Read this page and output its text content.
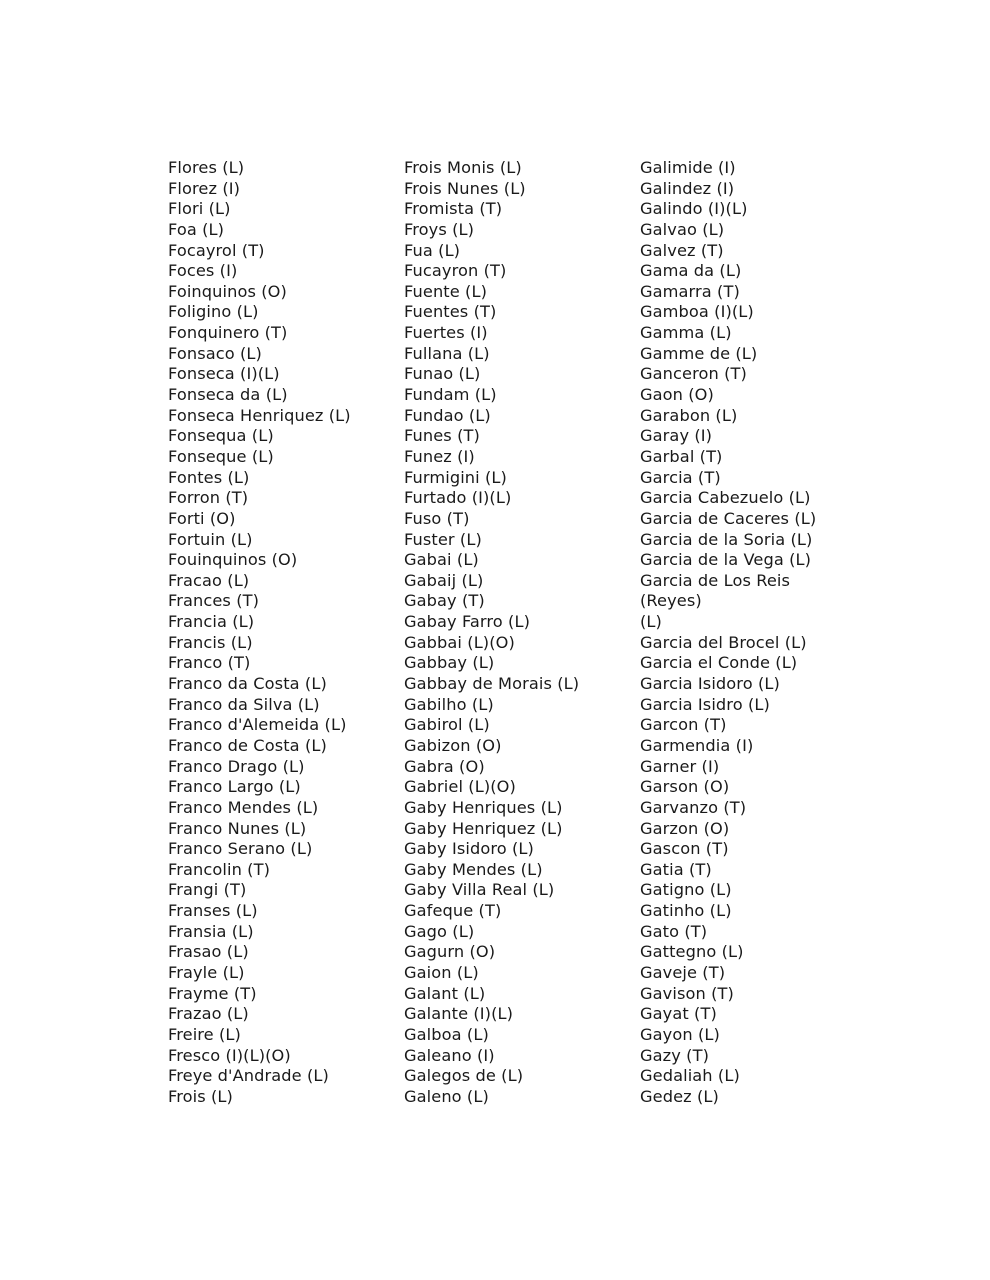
Flores (L)
Florez (I)
Flori (L)
Foa (L)
Focayrol (T)
Foces (I)
Foinquinos (O)
Foligino (L)
Fonquinero (T)
Fonsaco (L)
Fonseca (I)(L)
Fonseca da (L)
Fonseca Henriquez (L)
Fonsequa (L)
Fonseque (L)
Fontes (L)
Forron (T)
Forti (O)
Fortuin (L)
Fouinquinos (O)
Fracao (L)
Frances (T)
Francia (L)
Francis (L)
Franco (T)
Franco da Costa (L)
Franco da Silva (L)
Franco d'Alemeida (L)
Franco de Costa (L)
Franco Drago (L)
Franco Largo (L)
Franco Mendes (L)
Franco Nunes (L)
Franco Serano (L)
Francolin (T)
Frangi (T)
Franses (L)
Fransia (L)
Frasao (L)
Frayle (L)
Frayme (T)
Frazao (L)
Freire (L)
Fresco (I)(L)(O)
Freye d'Andrade (L)
Frois (L)
Frois Monis (L)
Frois Nunes (L)
Fromista (T)
Froys (L)
Fua (L)
Fucayron (T)
Fuente (L)
Fuentes (T)
Fuertes (I)
Fullana (L)
Funao (L)
Fundam (L)
Fundao (L)
Funes (T)
Funez (I)
Furmigini (L)
Furtado (I)(L)
Fuso (T)
Fuster (L)
Gabai (L)
Gabaij (L)
Gabay (T)
Gabay Farro (L)
Gabbai (L)(O)
Gabbay (L)
Gabbay de Morais (L)
Gabilho (L)
Gabirol (L)
Gabizon (O)
Gabra (O)
Gabriel (L)(O)
Gaby Henriques (L)
Gaby Henriquez (L)
Gaby Isidoro (L)
Gaby Mendes (L)
Gaby Villa Real (L)
Gafeque (T)
Gago (L)
Gagurn (O)
Gaion (L)
Galant (L)
Galante (I)(L)
Galboa (L)
Galeano (I)
Galegos de (L)
Galeno (L)
Galimide (I)
Galindez (I)
Galindo (I)(L)
Galvao (L)
Galvez (T)
Gama da (L)
Gamarra (T)
Gamboa (I)(L)
Gamma (L)
Gamme de (L)
Ganceron (T)
Gaon (O)
Garabon (L)
Garay (I)
Garbal (T)
Garcia (T)
Garcia Cabezuelo (L)
Garcia de Caceres (L)
Garcia de la Soria (L)
Garcia de la Vega (L)
Garcia de Los Reis
(Reyes)
(L)
Garcia del Brocel (L)
Garcia el Conde (L)
Garcia Isidoro (L)
Garcia Isidro (L)
Garcon (T)
Garmendia (I)
Garner (I)
Garson (O)
Garvanzo (T)
Garzon (O)
Gascon (T)
Gatia (T)
Gatigno (L)
Gatinho (L)
Gato (T)
Gattegno (L)
Gaveje (T)
Gavison (T)
Gayat (T)
Gayon (L)
Gazy (T)
Gedaliah (L)
Gedez (L)
